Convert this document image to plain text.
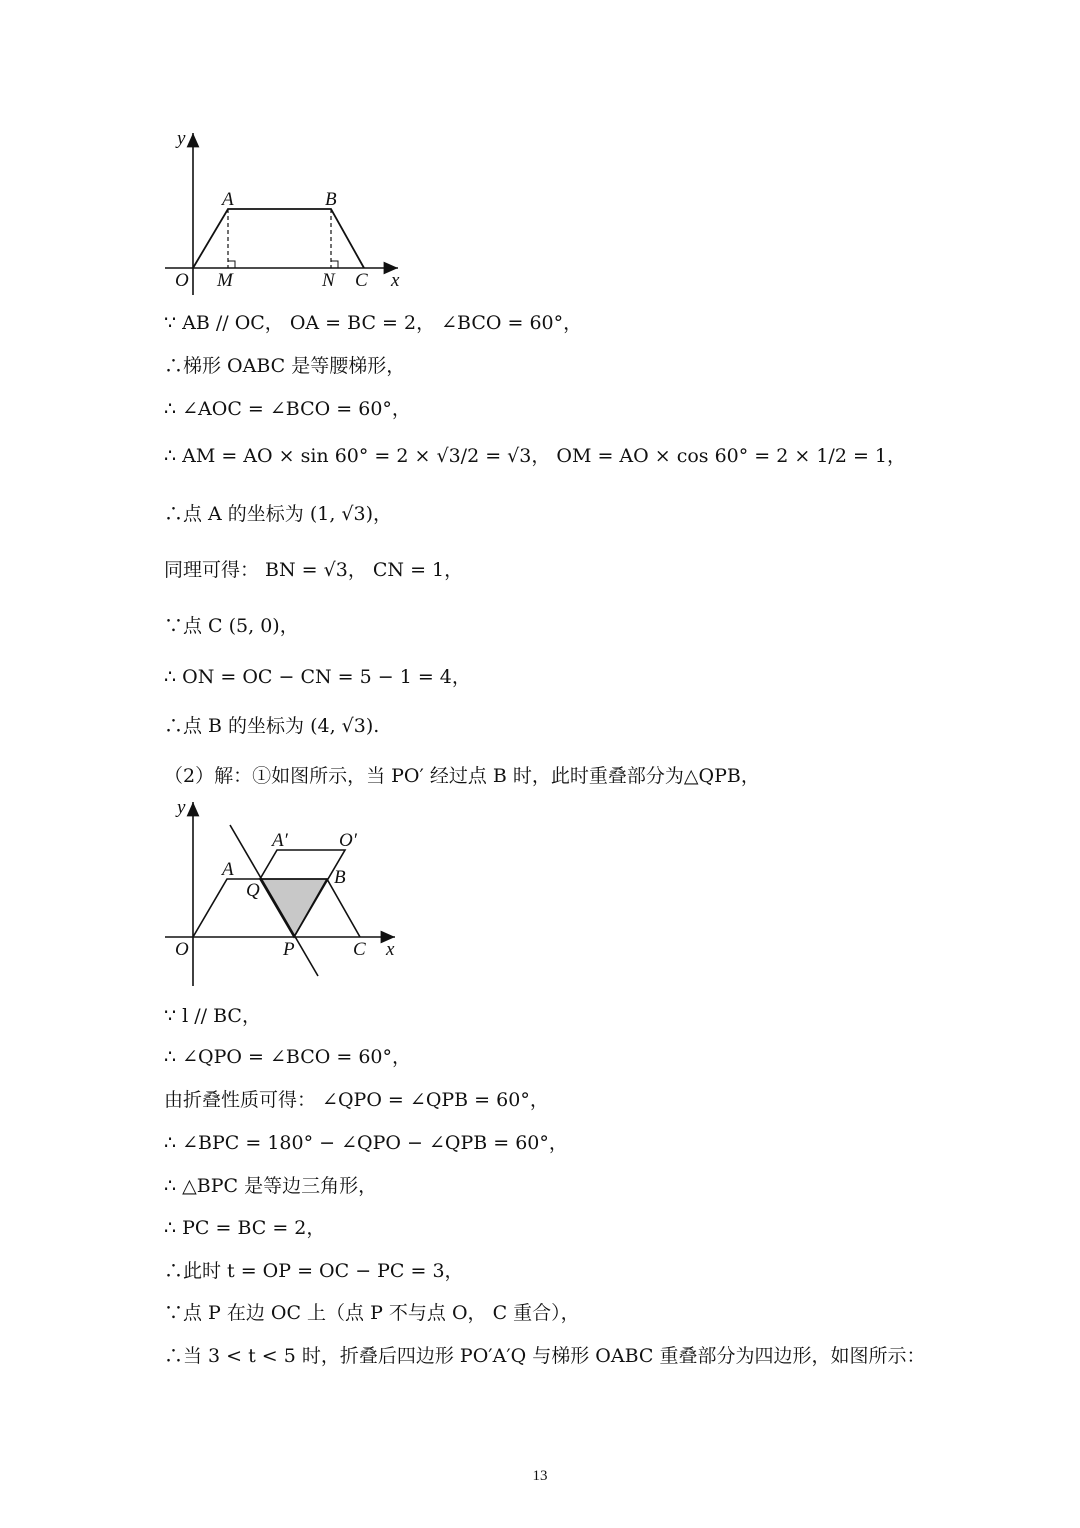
y
A	B
O M	N C x
∵ AB // OC， OA = BC = 2， ∠BCO = 60°，
∴梯形 OABC 是等腰梯形，
∴ ∠AOC = ∠BCO = 60°，
∴ AM = AO × sin 60° = 2 × √3/2 = √3， OM = AO × cos 60° = 2 × 1/2 = 1，
∴点 A 的坐标为 (1, √3)，
同理可得： BN = √3， CN = 1，
∵点 C (5, 0)，
∴ ON = OC − CN = 5 − 1 = 4，
∴点 B 的坐标为 (4, √3).
（2）解：①如图所示，当 PO′ 经过点 B 时，此时重叠部分为△QPB，
y
A′	O′
A
Q
B
O	P	C x
∵ l // BC，
∴ ∠QPO = ∠BCO = 60°，
由折叠性质可得： ∠QPO = ∠QPB = 60°，
∴ ∠BPC = 180° − ∠QPO − ∠QPB = 60°，
∴ △BPC 是等边三角形，
∴ PC = BC = 2，
∴此时 t = OP = OC − PC = 3，
∵点 P 在边 OC 上（点 P 不与点 O， C 重合），
∴当 3 < t < 5 时，折叠后四边形 PO′A′Q 与梯形 OABC 重叠部分为四边形，如图所示：
13
